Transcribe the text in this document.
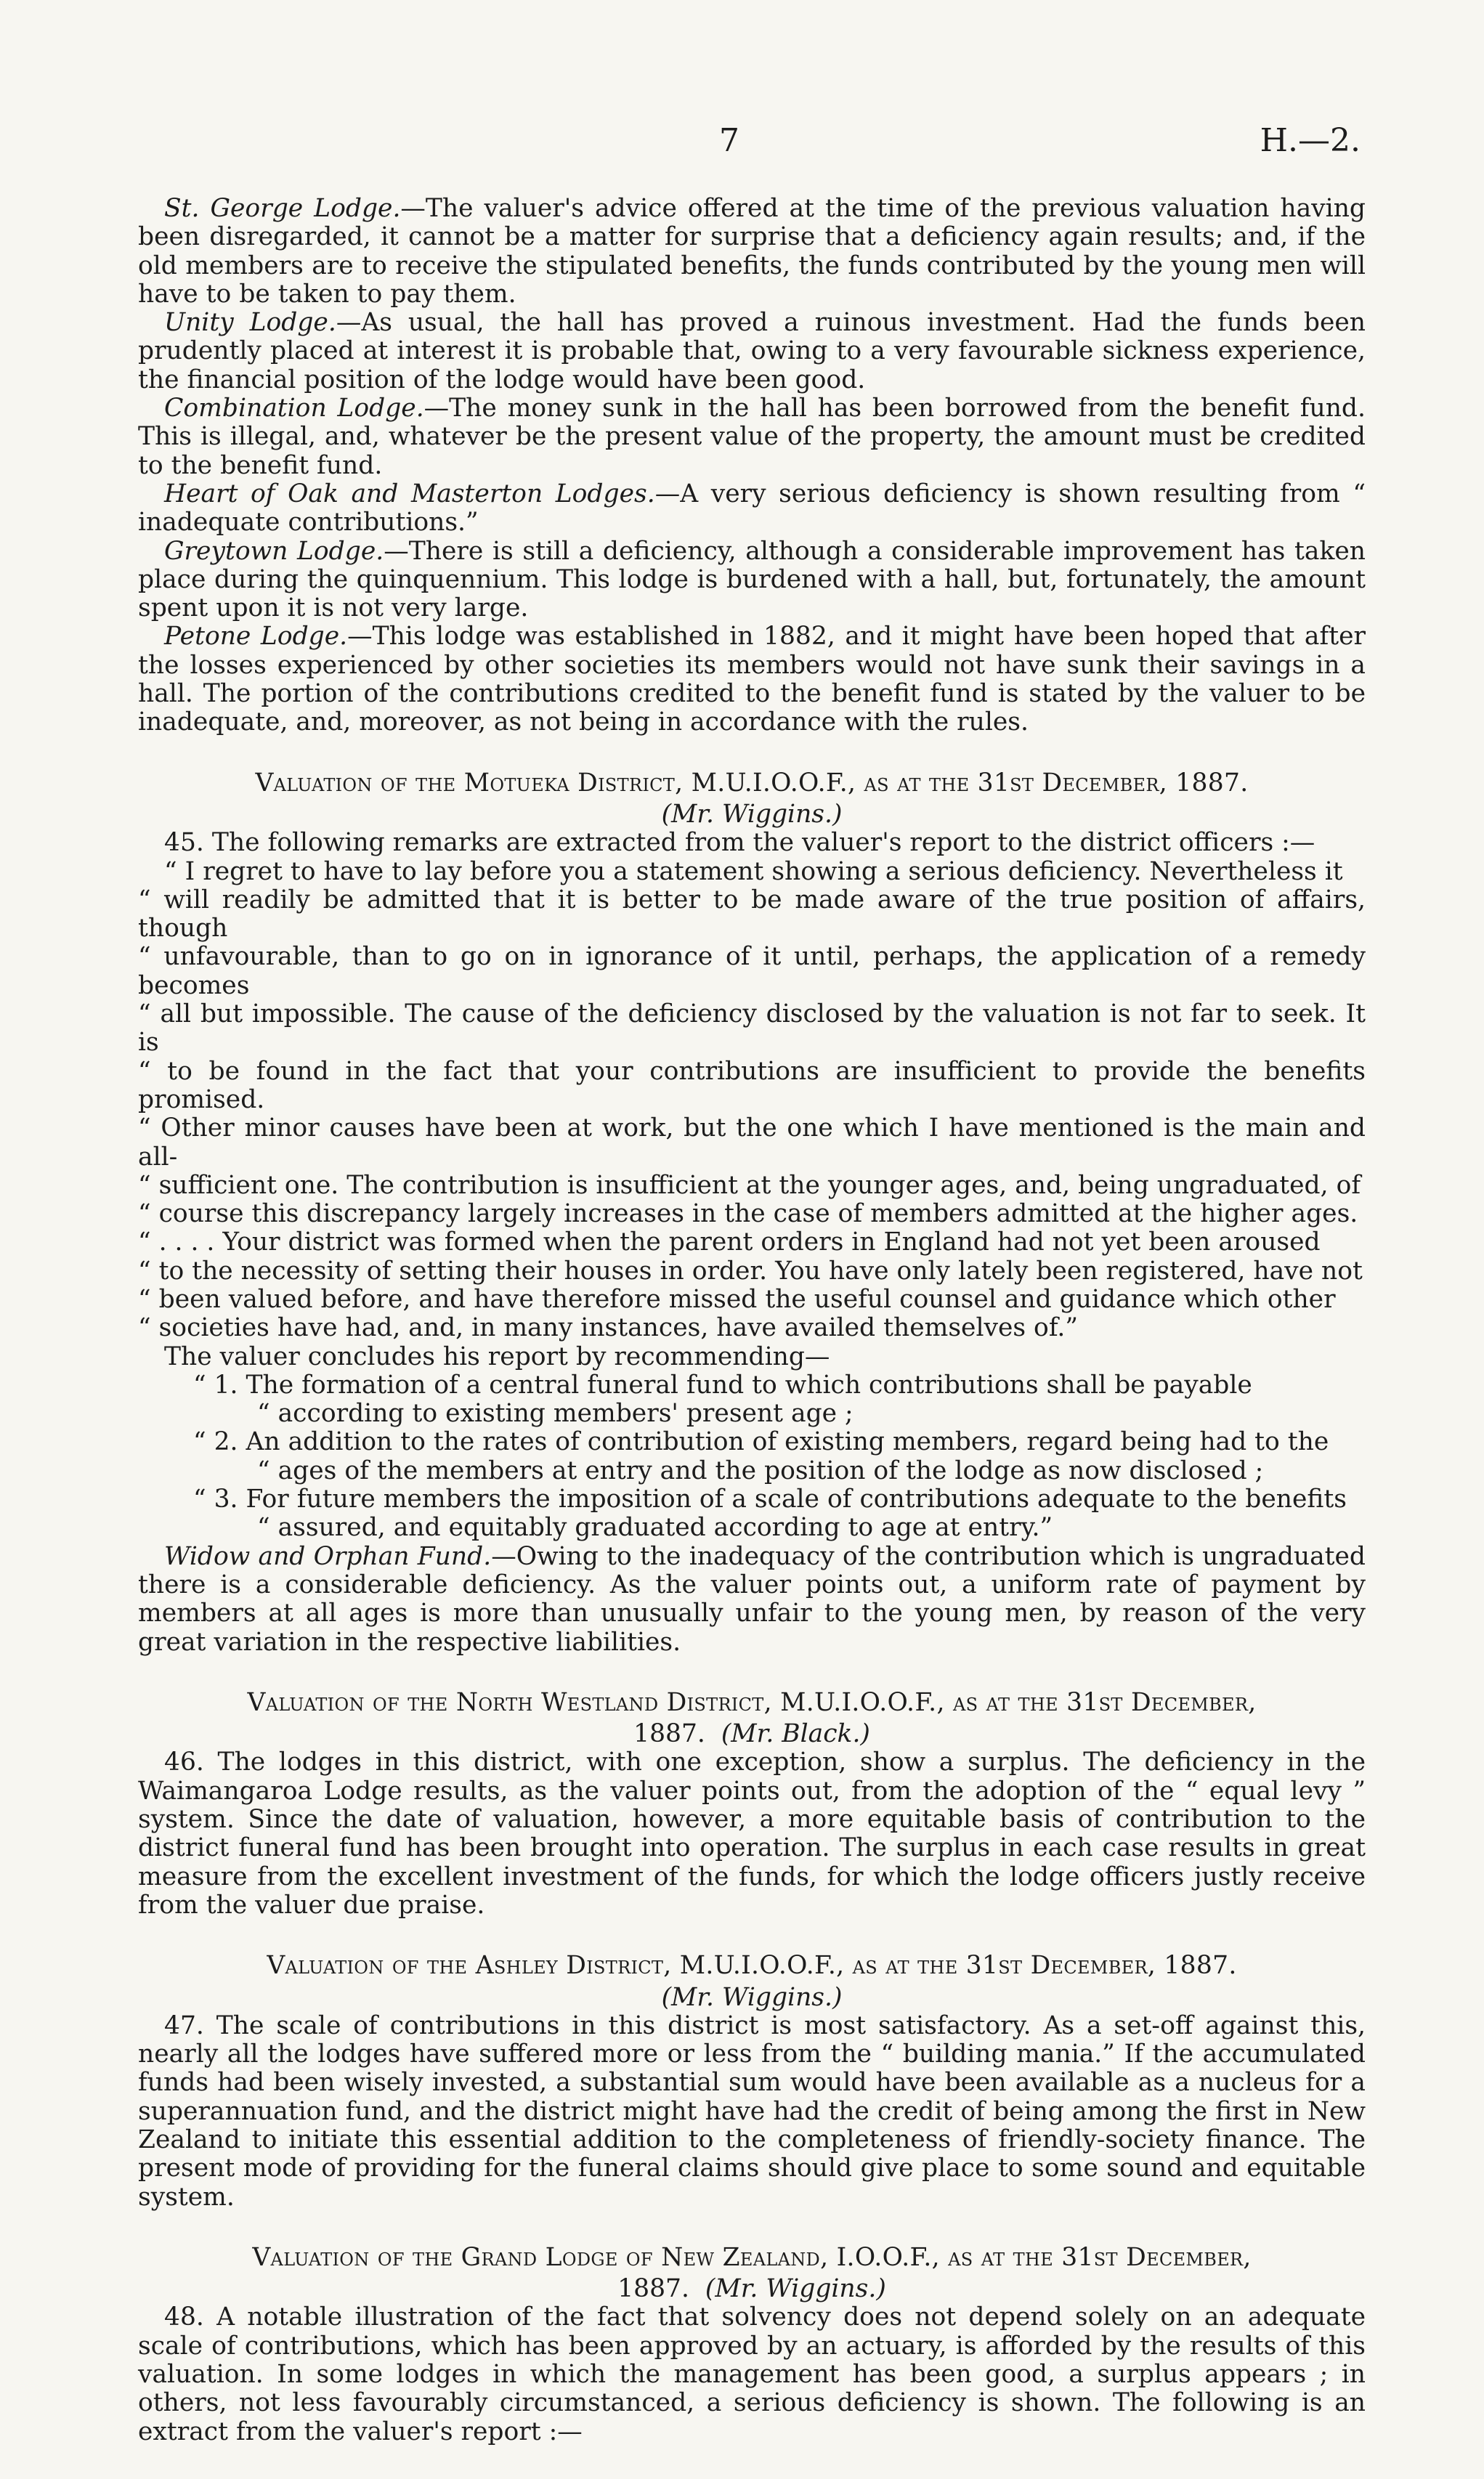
7	H.—2.

St. George Lodge.—The valuer's advice offered at the time of the previous valuation having been disregarded, it cannot be a matter for surprise that a deficiency again results; and, if the old members are to receive the stipulated benefits, the funds contributed by the young men will have to be taken to pay them.

Unity Lodge.—As usual, the hall has proved a ruinous investment. Had the funds been prudently placed at interest it is probable that, owing to a very favourable sickness experience, the financial position of the lodge would have been good.

Combination Lodge.—The money sunk in the hall has been borrowed from the benefit fund. This is illegal, and, whatever be the present value of the property, the amount must be credited to the benefit fund.

Heart of Oak and Masterton Lodges.—A very serious deficiency is shown resulting from “ inadequate contributions.”

Greytown Lodge.—There is still a deficiency, although a considerable improvement has taken place during the quinquennium. This lodge is burdened with a hall, but, fortunately, the amount spent upon it is not very large.

Petone Lodge.—This lodge was established in 1882, and it might have been hoped that after the losses experienced by other societies its members would not have sunk their savings in a hall. The portion of the contributions credited to the benefit fund is stated by the valuer to be inadequate, and, moreover, as not being in accordance with the rules.

Valuation of the Motueka District, M.U.I.O.O.F., as at the 31st December, 1887.

(Mr. Wiggins.)

45. The following remarks are extracted from the valuer's report to the district officers :—

“ I regret to have to lay before you a statement showing a serious deficiency. Nevertheless it

“ will readily be admitted that it is better to be made aware of the true position of affairs, though

“ unfavourable, than to go on in ignorance of it until, perhaps, the application of a remedy becomes

“ all but impossible. The cause of the deficiency disclosed by the valuation is not far to seek. It is

“ to be found in the fact that your contributions are insufficient to provide the benefits promised.

“ Other minor causes have been at work, but the one which I have mentioned is the main and all-

“ sufficient one. The contribution is insufficient at the younger ages, and, being ungraduated, of

“ course this discrepancy largely increases in the case of members admitted at the higher ages.

“ . . . . Your district was formed when the parent orders in England had not yet been aroused

“ to the necessity of setting their houses in order. You have only lately been registered, have not

“ been valued before, and have therefore missed the useful counsel and guidance which other

“ societies have had, and, in many instances, have availed themselves of.”

The valuer concludes his report by recommending—

“ 1. The formation of a central funeral fund to which contributions shall be payable

“ according to existing members' present age ;

“ 2. An addition to the rates of contribution of existing members, regard being had to the

“ ages of the members at entry and the position of the lodge as now disclosed ;

“ 3. For future members the imposition of a scale of contributions adequate to the benefits

“ assured, and equitably graduated according to age at entry.”

Widow and Orphan Fund.—Owing to the inadequacy of the contribution which is ungraduated there is a considerable deficiency. As the valuer points out, a uniform rate of payment by members at all ages is more than unusually unfair to the young men, by reason of the very great variation in the respective liabilities.

Valuation of the North Westland District, M.U.I.O.O.F., as at the 31st December,

1887. (Mr. Black.)

46. The lodges in this district, with one exception, show a surplus. The deficiency in the Waimangaroa Lodge results, as the valuer points out, from the adoption of the “ equal levy ” system. Since the date of valuation, however, a more equitable basis of contribution to the district funeral fund has been brought into operation. The surplus in each case results in great measure from the excellent investment of the funds, for which the lodge officers justly receive from the valuer due praise.

Valuation of the Ashley District, M.U.I.O.O.F., as at the 31st December, 1887.

(Mr. Wiggins.)

47. The scale of contributions in this district is most satisfactory. As a set-off against this, nearly all the lodges have suffered more or less from the “ building mania.” If the accumulated funds had been wisely invested, a substantial sum would have been available as a nucleus for a superannuation fund, and the district might have had the credit of being among the first in New Zealand to initiate this essential addition to the completeness of friendly-society finance. The present mode of providing for the funeral claims should give place to some sound and equitable system.

Valuation of the Grand Lodge of New Zealand, I.O.O.F., as at the 31st December,

1887. (Mr. Wiggins.)

48. A notable illustration of the fact that solvency does not depend solely on an adequate scale of contributions, which has been approved by an actuary, is afforded by the results of this valuation. In some lodges in which the management has been good, a surplus appears ; in others, not less favourably circumstanced, a serious deficiency is shown. The following is an extract from the valuer's report :—
